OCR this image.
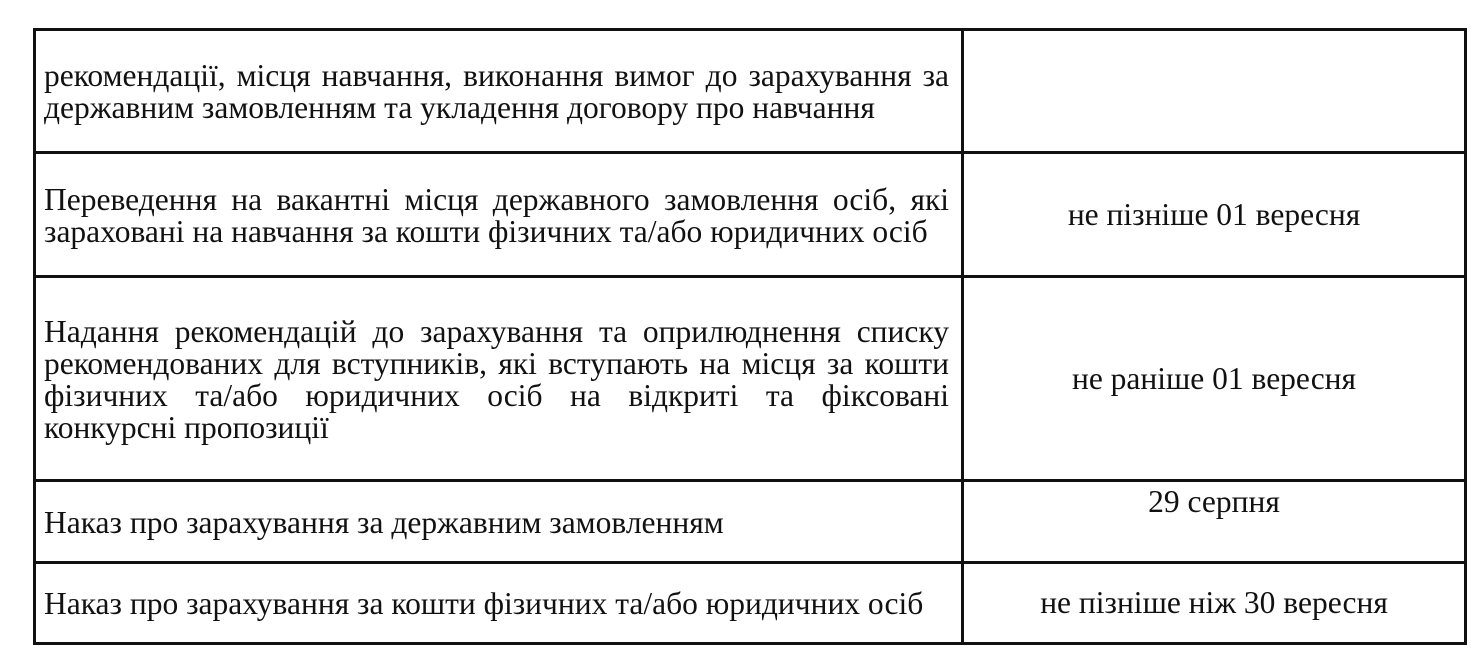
рекомендації, місця навчання, виконання вимог до зарахування за державним замовленням та укладення договору про навчання	

Переведення на вакантні місця державного замовлення осіб, які зараховані на навчання за кошти фізичних та/або юридичних осіб	не пізніше 01 вересня

Надання рекомендацій до зарахування та оприлюднення списку рекомендованих для вступників, які вступають на місця за кошти фізичних та/або юридичних осіб на відкриті та фіксовані конкурсні пропозиції	не раніше 01 вересня

Наказ про зарахування за державним замовленням	29 серпня

Наказ про зарахування за кошти фізичних та/або юридичних осіб	не пізніше ніж 30 вересня
